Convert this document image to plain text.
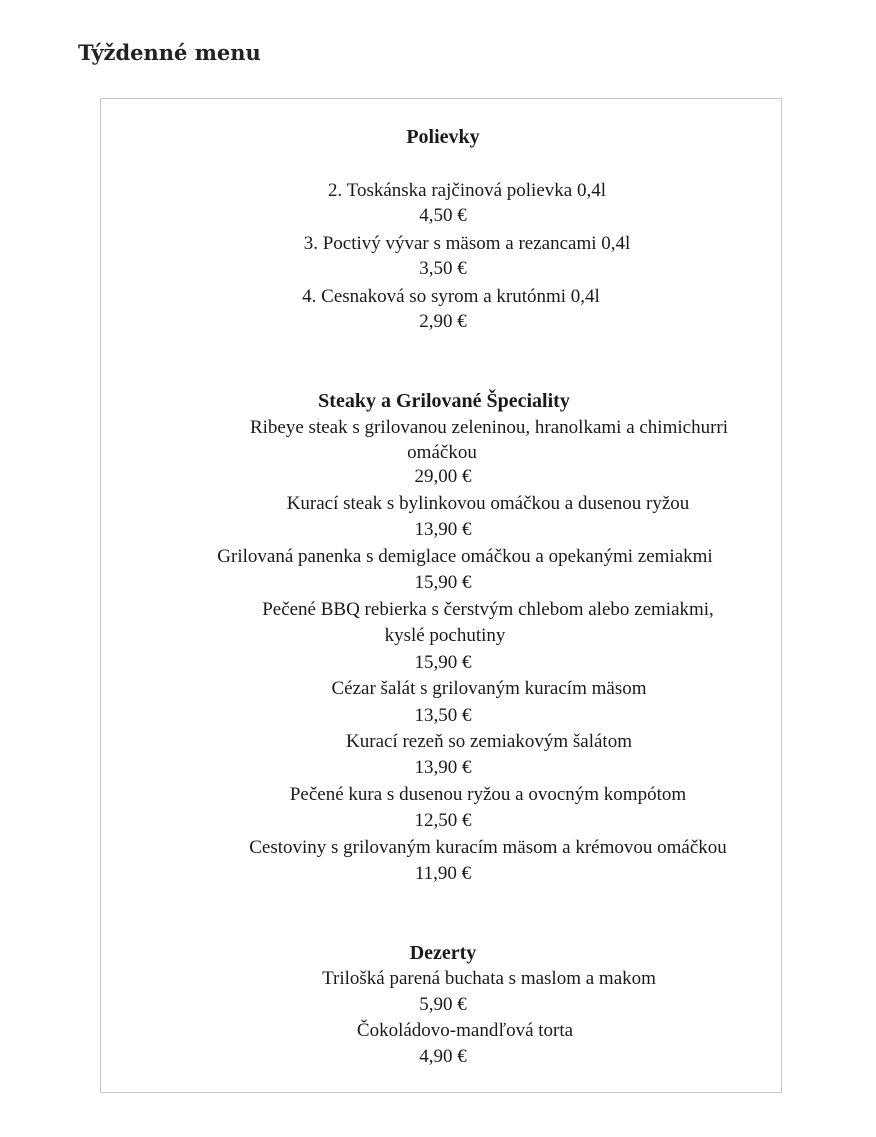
Týždenné menu
Polievky
2. Toskánska rajčinová polievka 0,4l
4,50 €
3. Poctivý vývar s mäsom a rezancami 0,4l
3,50 €
4. Cesnaková so syrom a krutónmi 0,4l
2,90 €
Steaky a Grilované Špeciality
Ribeye steak s grilovanou zeleninou, hranolkami a chimichurri
omáčkou
29,00 €
Kurací steak s bylinkovou omáčkou a dusenou ryžou
13,90 €
Grilovaná panenka s demiglace omáčkou a opekanými zemiakmi
15,90 €
Pečené BBQ rebierka s čerstvým chlebom alebo zemiakmi,
kyslé pochutiny
15,90 €
Cézar šalát s grilovaným kuracím mäsom
13,50 €
Kurací rezeň so zemiakovým šalátom
13,90 €
Pečené kura s dusenou ryžou a ovocným kompótom
12,50 €
Cestoviny s grilovaným kuracím mäsom a krémovou omáčkou
11,90 €
Dezerty
Trilošká parená buchata s maslom a makom
5,90 €
Čokoládovo-mandľová torta
4,90 €
